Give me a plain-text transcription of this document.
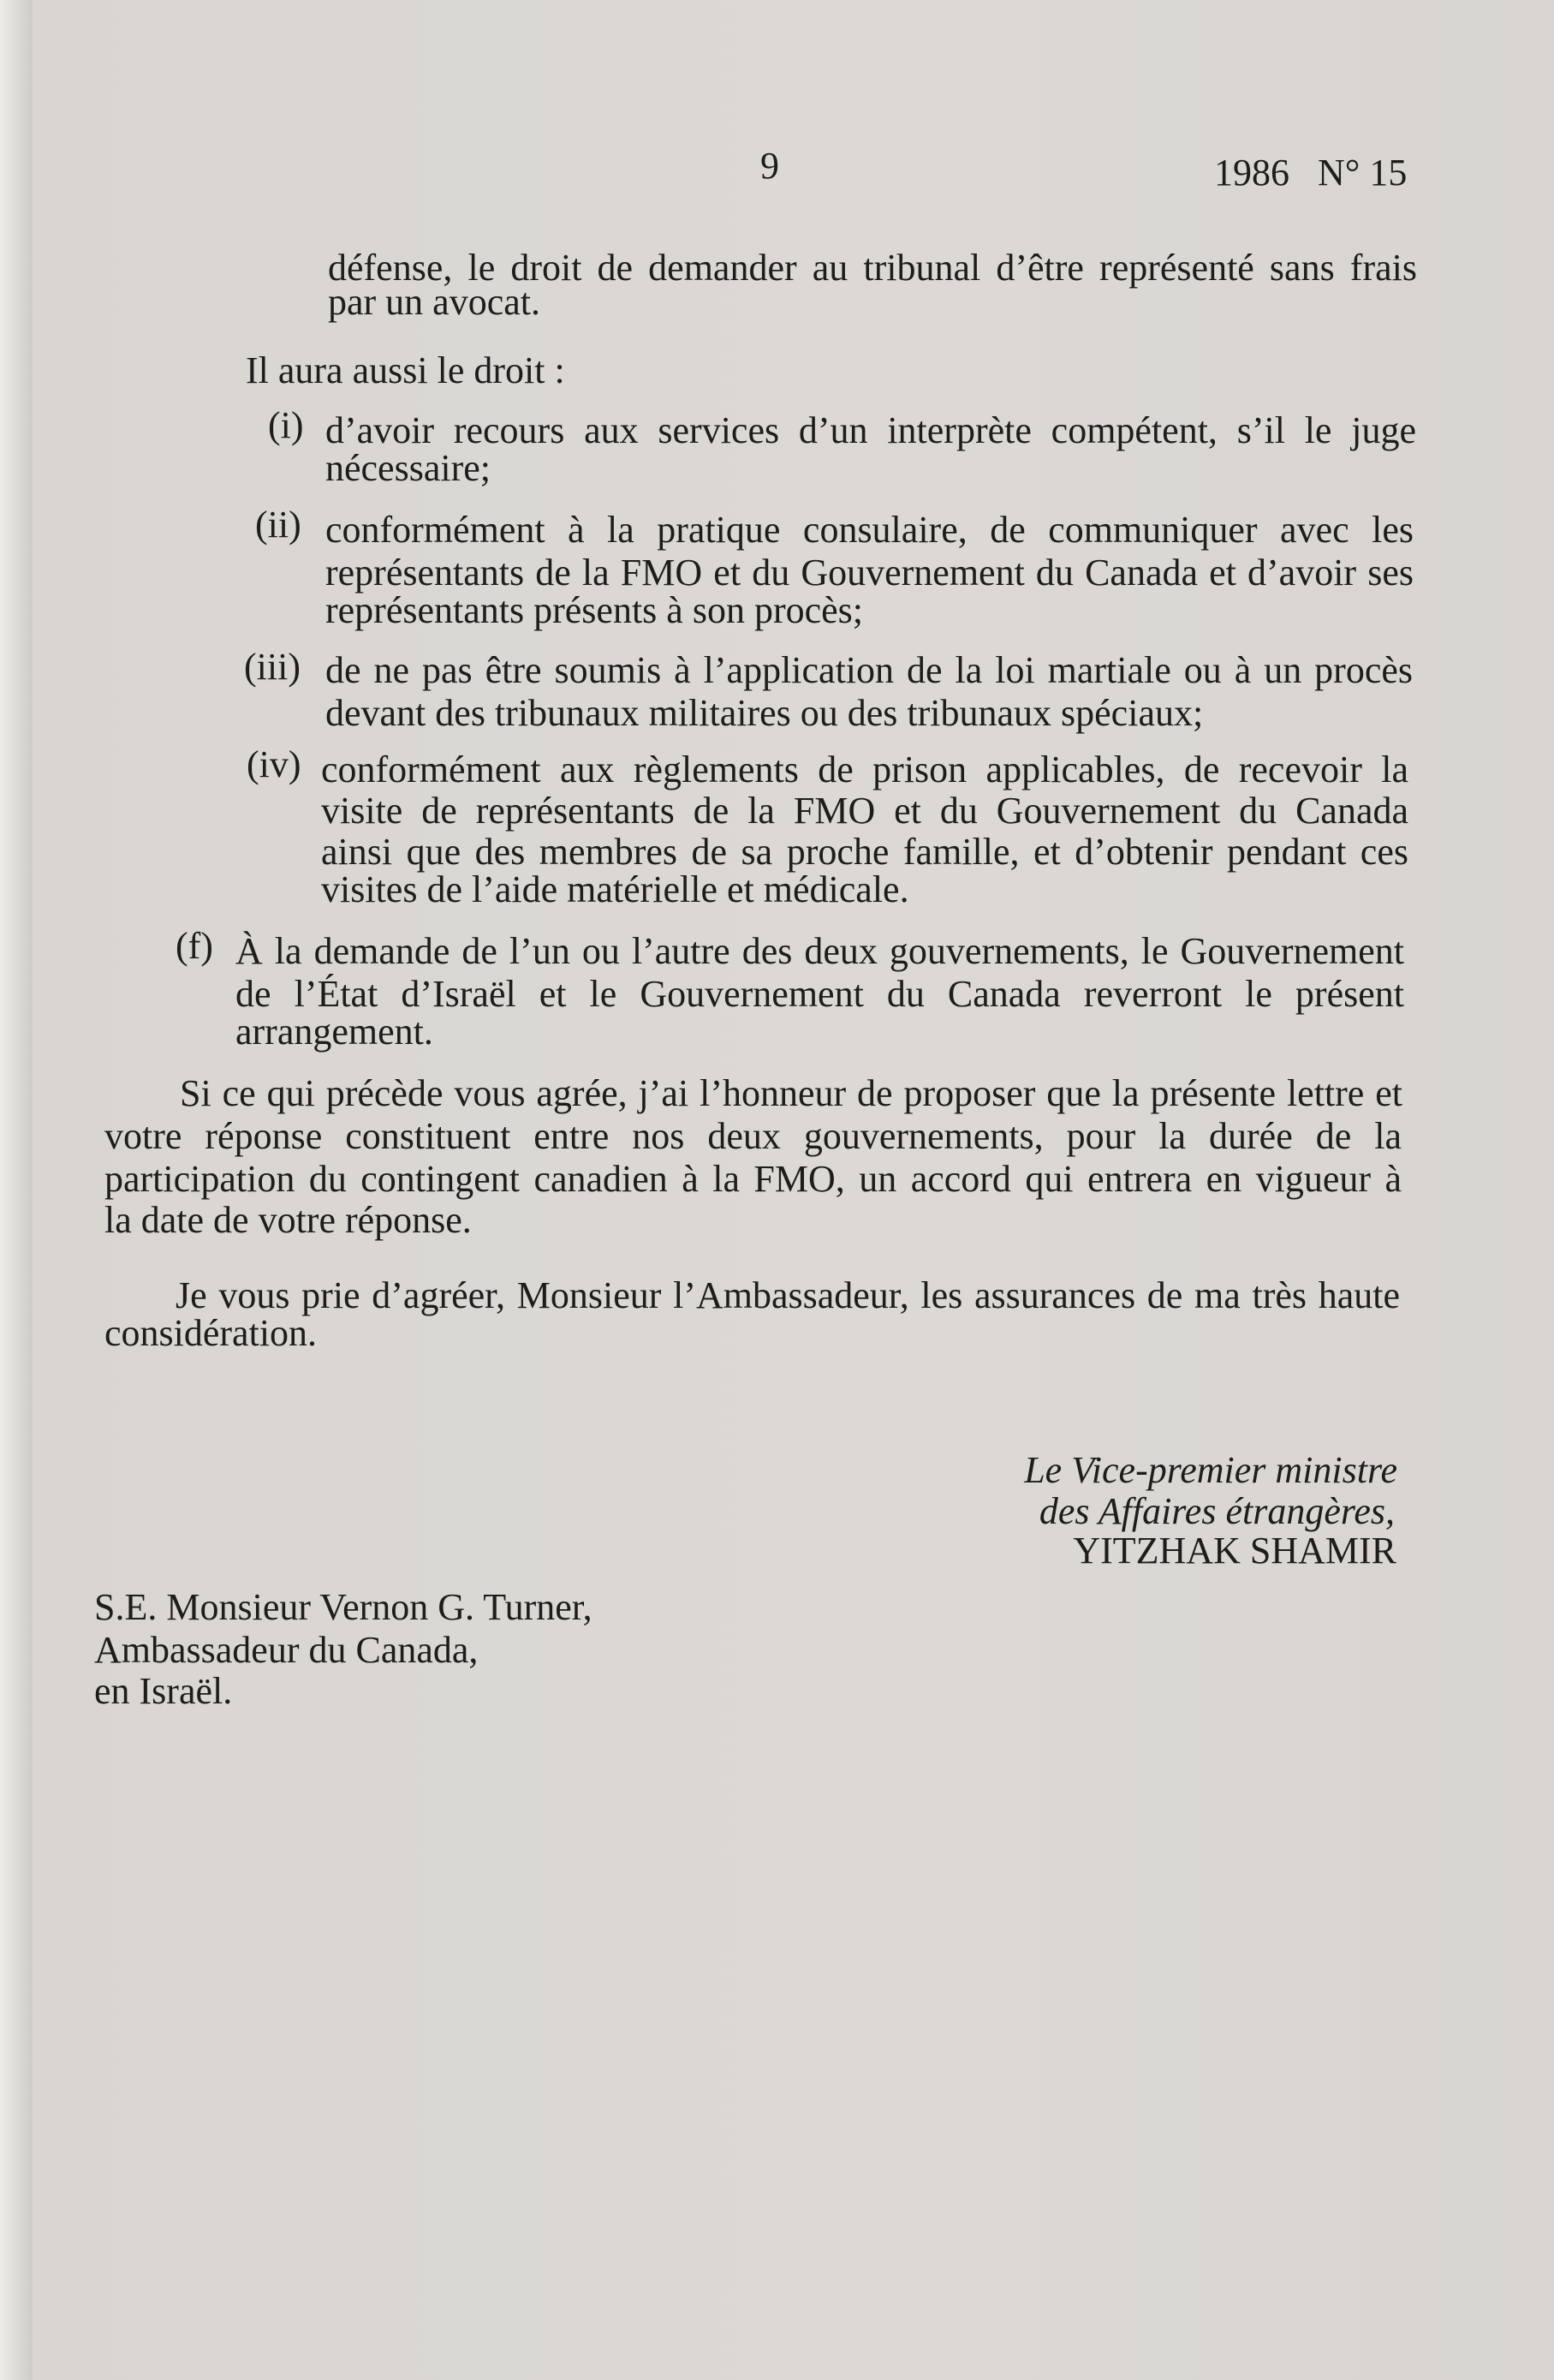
9	1986   N° 15
défense, le droit de demander au tribunal d’être représenté sans frais
par un avocat.
Il aura aussi le droit :
(i) d’avoir recours aux services d’un interprète compétent, s’il le juge
nécessaire;
(ii) conformément à la pratique consulaire, de communiquer avec les
représentants de la FMO et du Gouvernement du Canada et d’avoir ses
représentants présents à son procès;
(iii) de ne pas être soumis à l’application de la loi martiale ou à un procès
devant des tribunaux militaires ou des tribunaux spéciaux;
(iv) conformément aux règlements de prison applicables, de recevoir la
visite de représentants de la FMO et du Gouvernement du Canada
ainsi que des membres de sa proche famille, et d’obtenir pendant ces
visites de l’aide matérielle et médicale.
(f) À la demande de l’un ou l’autre des deux gouvernements, le Gouvernement
de l’État d’Israël et le Gouvernement du Canada reverront le présent
arrangement.
Si ce qui précède vous agrée, j’ai l’honneur de proposer que la présente lettre et
votre réponse constituent entre nos deux gouvernements, pour la durée de la
participation du contingent canadien à la FMO, un accord qui entrera en vigueur à
la date de votre réponse.
Je vous prie d’agréer, Monsieur l’Ambassadeur, les assurances de ma très haute
considération.
Le Vice-premier ministre
des Affaires étrangères,
YITZHAK SHAMIR
S.E. Monsieur Vernon G. Turner,
Ambassadeur du Canada,
en Israël.
